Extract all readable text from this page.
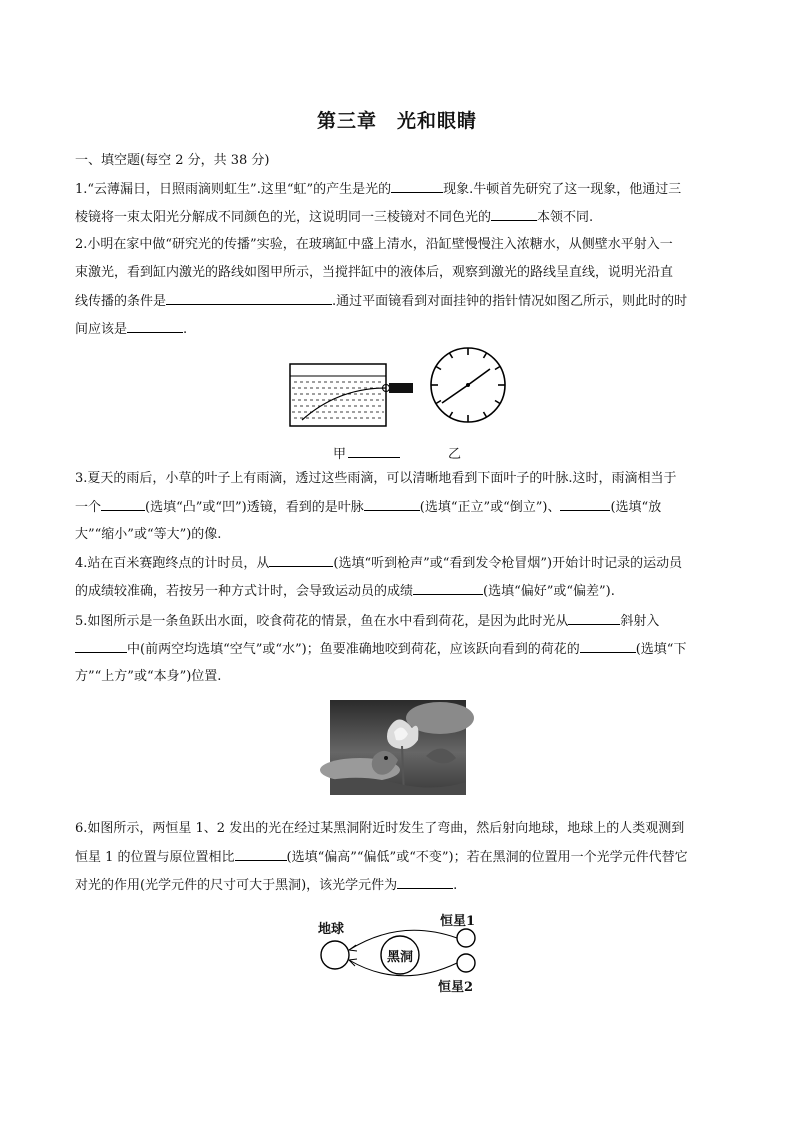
第三章　光和眼睛
一、填空题(每空 2 分，共 38 分)
1.“云薄漏日，日照雨滴则虹生”.这里“虹”的产生是光的	现象.牛顿首先研究了这一现象，他通过三
棱镜将一束太阳光分解成不同颜色的光，这说明同一三棱镜对不同色光的	本领不同.
2.小明在家中做“研究光的传播”实验，在玻璃缸中盛上清水，沿缸壁慢慢注入浓糖水，从侧壁水平射入一
束激光，看到缸内激光的路线如图甲所示，当搅拌缸中的液体后，观察到激光的路线呈直线，说明光沿直
线传播的条件是	.通过平面镜看到对面挂钟的指针情况如图乙所示，则此时的时
间应该是	.
甲	乙
3.夏天的雨后，小草的叶子上有雨滴，透过这些雨滴，可以清晰地看到下面叶子的叶脉.这时，雨滴相当于
一个	(选填“凸”或“凹”)透镜，看到的是叶脉	(选填“正立”或“倒立”)、	(选填“放
大”“缩小”或“等大”)的像.
4.站在百米赛跑终点的计时员，从	(选填“听到枪声”或“看到发令枪冒烟”)开始计时记录的运动员
的成绩较准确，若按另一种方式计时，会导致运动员的成绩	(选填“偏好”或“偏差”).
5.如图所示是一条鱼跃出水面，咬食荷花的情景，鱼在水中看到荷花，是因为此时光从	斜射入
中(前两空均选填“空气”或“水”)；鱼要准确地咬到荷花，应该跃向看到的荷花的	(选填“下
方”“上方”或“本身”)位置.
6.如图所示，两恒星 1、2 发出的光在经过某黑洞附近时发生了弯曲，然后射向地球，地球上的人类观测到
恒星 1 的位置与原位置相比	(选填“偏高”“偏低”或“不变”)；若在黑洞的位置用一个光学元件代替它
对光的作用(光学元件的尺寸可大于黑洞)，该光学元件为	.
地球
黑洞
恒星1
恒星2
